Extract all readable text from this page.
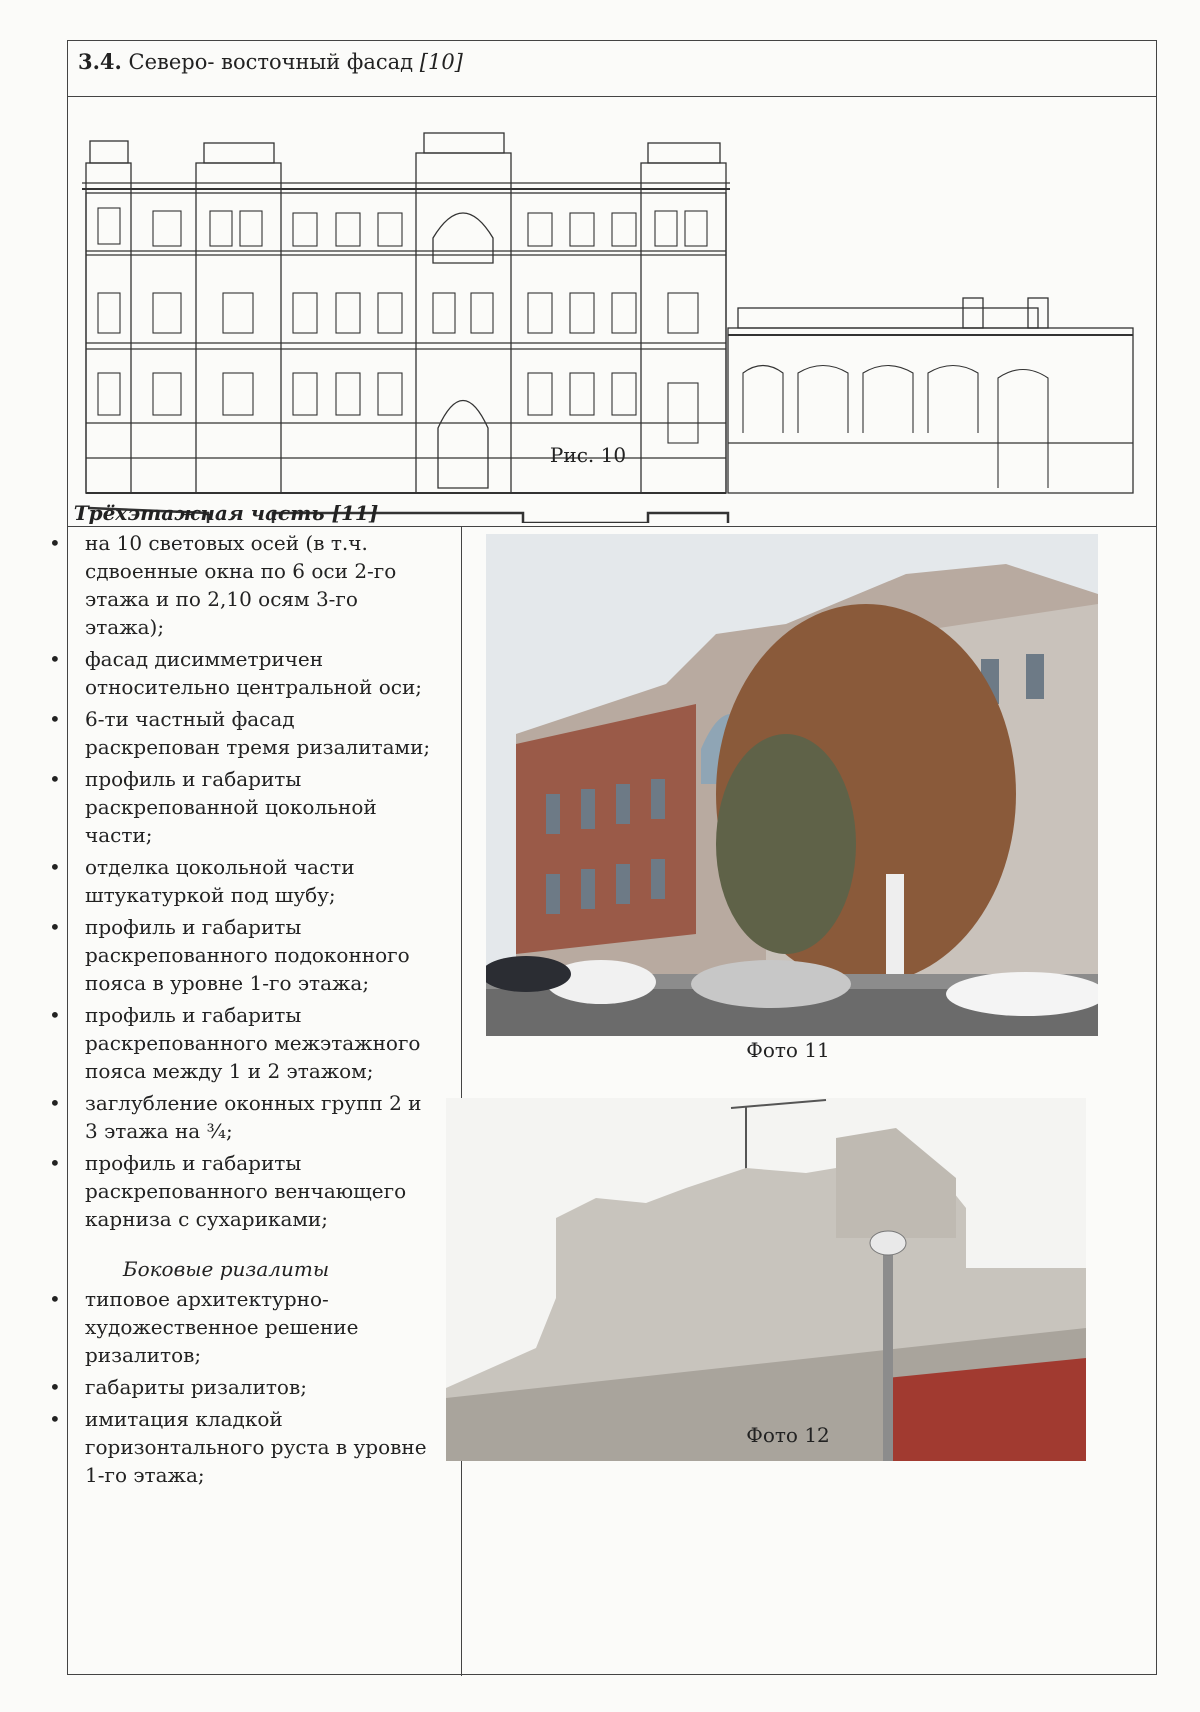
3.4. Северо- восточный фасад [10]
Рис. 10
Трёхэтажная часть [11]
• на 10 световых осей (в т.ч. сдвоенные окна по 6 оси 2-го этажа и по 2,10 осям 3-го этажа);
• фасад дисимметричен относительно центральной оси;
• 6-ти частный фасад раскрепован тремя ризалитами;
• профиль и габариты раскрепованной цокольной части;
• отделка цокольной части штукатуркой под шубу;
• профиль и габариты раскрепованного подоконного пояса в уровне 1-го этажа;
• профиль и габариты раскрепованного межэтажного пояса между 1 и 2 этажом;
• заглубление оконных групп 2 и 3 этажа на ¾;
• профиль и габариты раскрепованного венчающего карниза с сухариками;
Боковые ризалиты
• типовое архитектурно-художественное решение ризалитов;
• габариты ризалитов;
• имитация кладкой горизонтального руста в уровне 1-го этажа;
Фото 11
Фото 12
